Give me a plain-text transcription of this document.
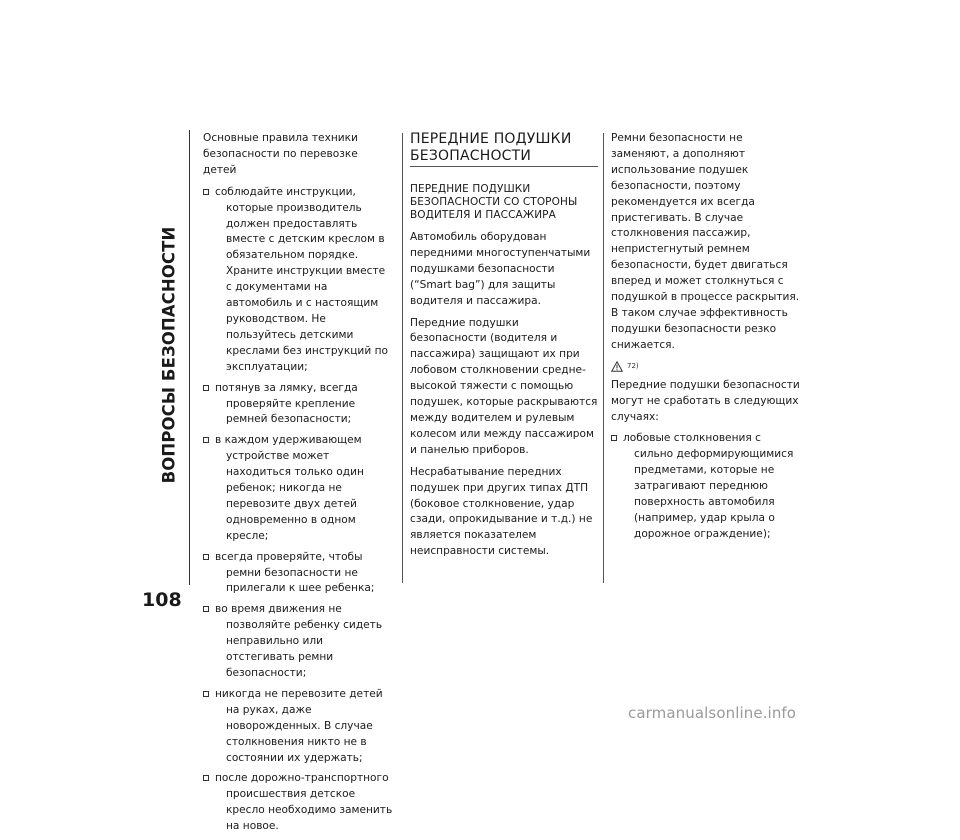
ВОПРОСЫ БЕЗОПАСНОСТИ
108

Основные правила техники безопасности по перевозке детей

соблюдайте инструкции, которые производитель должен предоставлять вместе с детским креслом в обязательном порядке. Храните инструкции вместе с документами на автомобиль и с настоящим руководством. Не пользуйтесь детскими креслами без инструкций по эксплуатации;
потянув за лямку, всегда проверяйте крепление ремней безопасности;
в каждом удерживающем устройстве может находиться только один ребенок; никогда не перевозите двух детей одновременно в одном кресле;
всегда проверяйте, чтобы ремни безопасности не прилегали к шее ребенка;
во время движения не позволяйте ребенку сидеть неправильно или отстегивать ремни безопасности;
никогда не перевозите детей на руках, даже новорожденных. В случае столкновения никто не в состоянии их удержать;
после дорожно-транспортного происшествия детское кресло необходимо заменить на новое.
ПЕРЕДНИЕ ПОДУШКИ БЕЗОПАСНОСТИ
ПЕРЕДНИЕ ПОДУШКИ БЕЗОПАСНОСТИ СО СТОРОНЫ ВОДИТЕЛЯ И ПАССАЖИРА

Автомобиль оборудован передними многоступенчатыми подушками безопасности (“Smart bag”) для защиты водителя и пассажира.

Передние подушки безопасности (водителя и пассажира) защищают их при лобовом столкновении средне-высокой тяжести с помощью подушек, которые раскрываются между водителем и рулевым колесом или между пассажиром и панелью приборов.

Несрабатывание передних подушек при других типах ДТП (боковое столкновение, удар сзади, опрокидывание и т.д.) не является показателем неисправности системы.

Ремни безопасности не заменяют, а дополняют использование подушек безопасности, поэтому рекомендуется их всегда пристегивать. В случае столкновения пассажир, непристегнутый ремнем безопасности, будет двигаться вперед и может столкнуться с подушкой в процессе раскрытия. В таком случае эффективность подушки безопасности резко снижается.

72)

Передние подушки безопасности могут не сработать в следующих случаях:

лобовые столкновения с сильно деформирующимися предметами, которые не затрагивают переднюю поверхность автомобиля (например, удар крыла о дорожное ограждение);
carmanualsonline.info
